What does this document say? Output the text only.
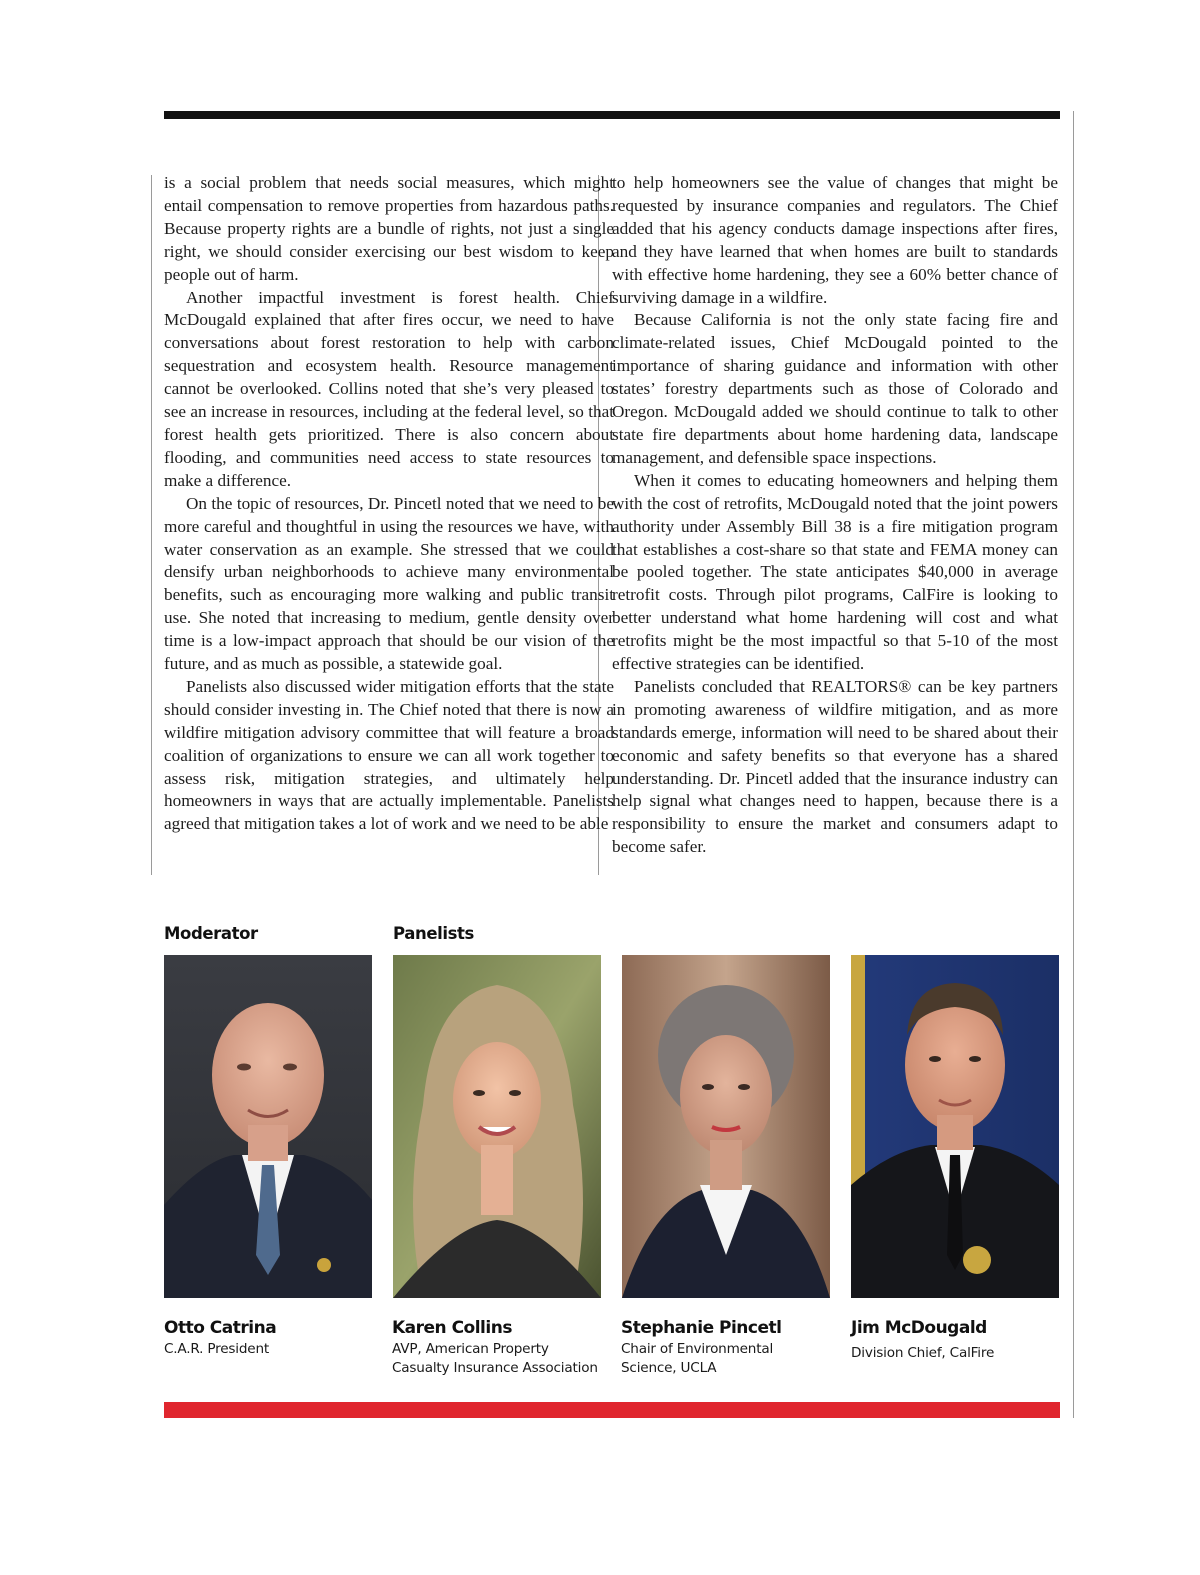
is a social problem that needs social measures, which might entail compensation to remove properties from hazardous paths. Because property rights are a bundle of rights, not just a single right, we should consider exercising our best wisdom to keep people out of harm.

Another impactful investment is forest health. Chief McDougald explained that after fires occur, we need to have conversations about forest restoration to help with carbon sequestration and ecosystem health. Resource management cannot be overlooked. Collins noted that she’s very pleased to see an increase in resources, including at the federal level, so that forest health gets prioritized. There is also concern about flooding, and communities need access to state resources to make a difference.

On the topic of resources, Dr. Pincetl noted that we need to be more careful and thoughtful in using the resources we have, with water conservation as an example. She stressed that we could densify urban neighborhoods to achieve many environmental benefits, such as encouraging more walking and public transit use. She noted that increasing to medium, gentle density over time is a low-impact approach that should be our vision of the future, and as much as possible, a statewide goal.

Panelists also discussed wider mitigation efforts that the state should consider investing in. The Chief noted that there is now a wildfire mitigation advisory committee that will feature a broad coalition of organizations to ensure we can all work together to assess risk, mitigation strategies, and ultimately help homeowners in ways that are actually implementable. Panelists agreed that mitigation takes a lot of work and we need to be able

to help homeowners see the value of changes that might be requested by insurance companies and regulators. The Chief added that his agency conducts damage inspections after fires, and they have learned that when homes are built to standards with effective home hardening, they see a 60% better chance of surviving damage in a wildfire.

Because California is not the only state facing fire and climate-related issues, Chief McDougald pointed to the importance of sharing guidance and information with other states’ forestry departments such as those of Colorado and Oregon. McDougald added we should continue to talk to other state fire departments about home hardening data, landscape management, and defensible space inspections.

When it comes to educating homeowners and helping them with the cost of retrofits, McDougald noted that the joint powers authority under Assembly Bill 38 is a fire mitigation program that establishes a cost-share so that state and FEMA money can be pooled together. The state anticipates $40,000 in average retrofit costs. Through pilot programs, CalFire is looking to better understand what home hardening will cost and what retrofits might be the most impactful so that 5-10 of the most effective strategies can be identified.

Panelists concluded that REALTORS® can be key partners in promoting awareness of wildfire mitigation, and as more standards emerge, information will need to be shared about their economic and safety benefits so that everyone has a shared understanding. Dr. Pincetl added that the insurance industry can help signal what changes need to happen, because there is a responsibility to ensure the market and consumers adapt to become safer.

Moderator	Panelists
Otto Catrina
C.A.R. President
Karen Collins
AVP, American Property Casualty Insurance Association
Stephanie Pincetl
Chair of Environmental Science, UCLA
Jim McDougald
Division Chief, CalFire
